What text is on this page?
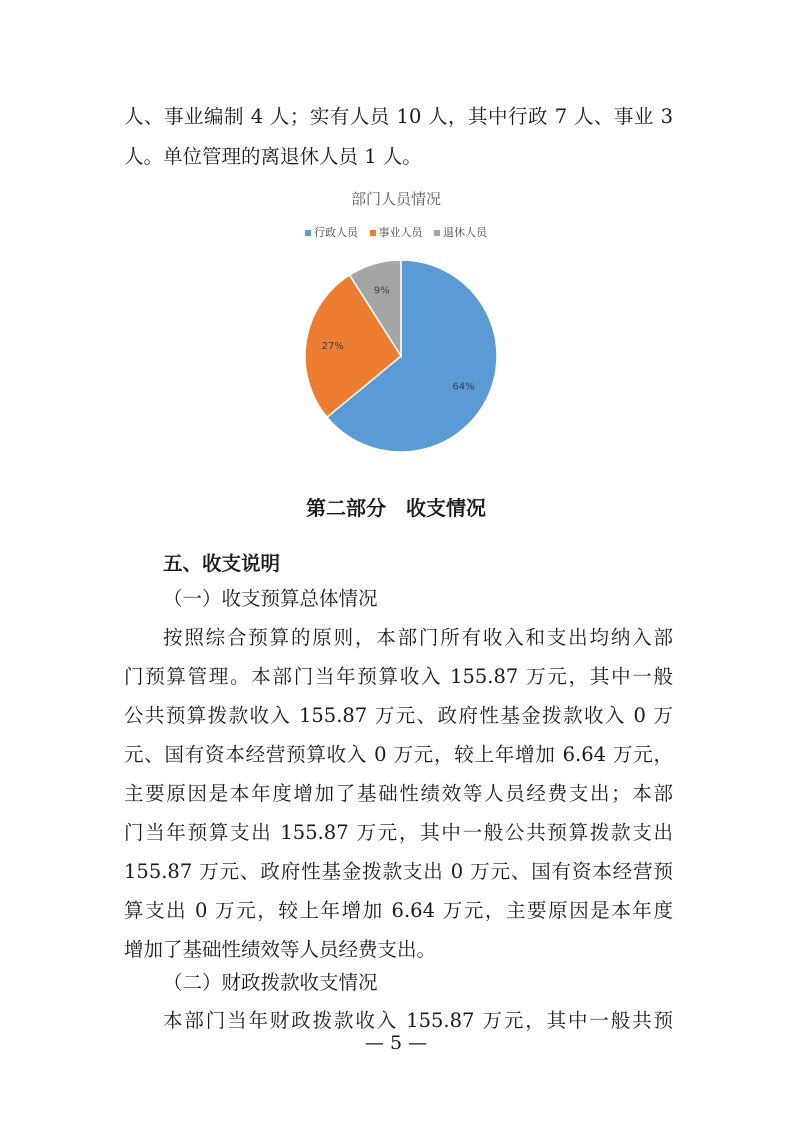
人、事业编制 4 人；实有人员 10 人，其中行政 7 人、事业 3

人。单位管理的离退休人员 1 人。

部门人员情况
行政人员 事业人员 退休人员
64%
27%
9%
第二部分　收支情况
五、收支说明
（一）收支预算总体情况

按照综合预算的原则，本部门所有收入和支出均纳入部

门预算管理。本部门当年预算收入 155.87 万元，其中一般

公共预算拨款收入 155.87 万元、政府性基金拨款收入 0 万

元、国有资本经营预算收入 0 万元，较上年增加 6.64 万元，

主要原因是本年度增加了基础性绩效等人员经费支出；本部

门当年预算支出 155.87 万元，其中一般公共预算拨款支出

155.87 万元、政府性基金拨款支出 0 万元、国有资本经营预

算支出 0 万元，较上年增加 6.64 万元，主要原因是本年度

增加了基础性绩效等人员经费支出。

（二）财政拨款收支情况

本部门当年财政拨款收入 155.87 万元，其中一般共预

— 5 —
